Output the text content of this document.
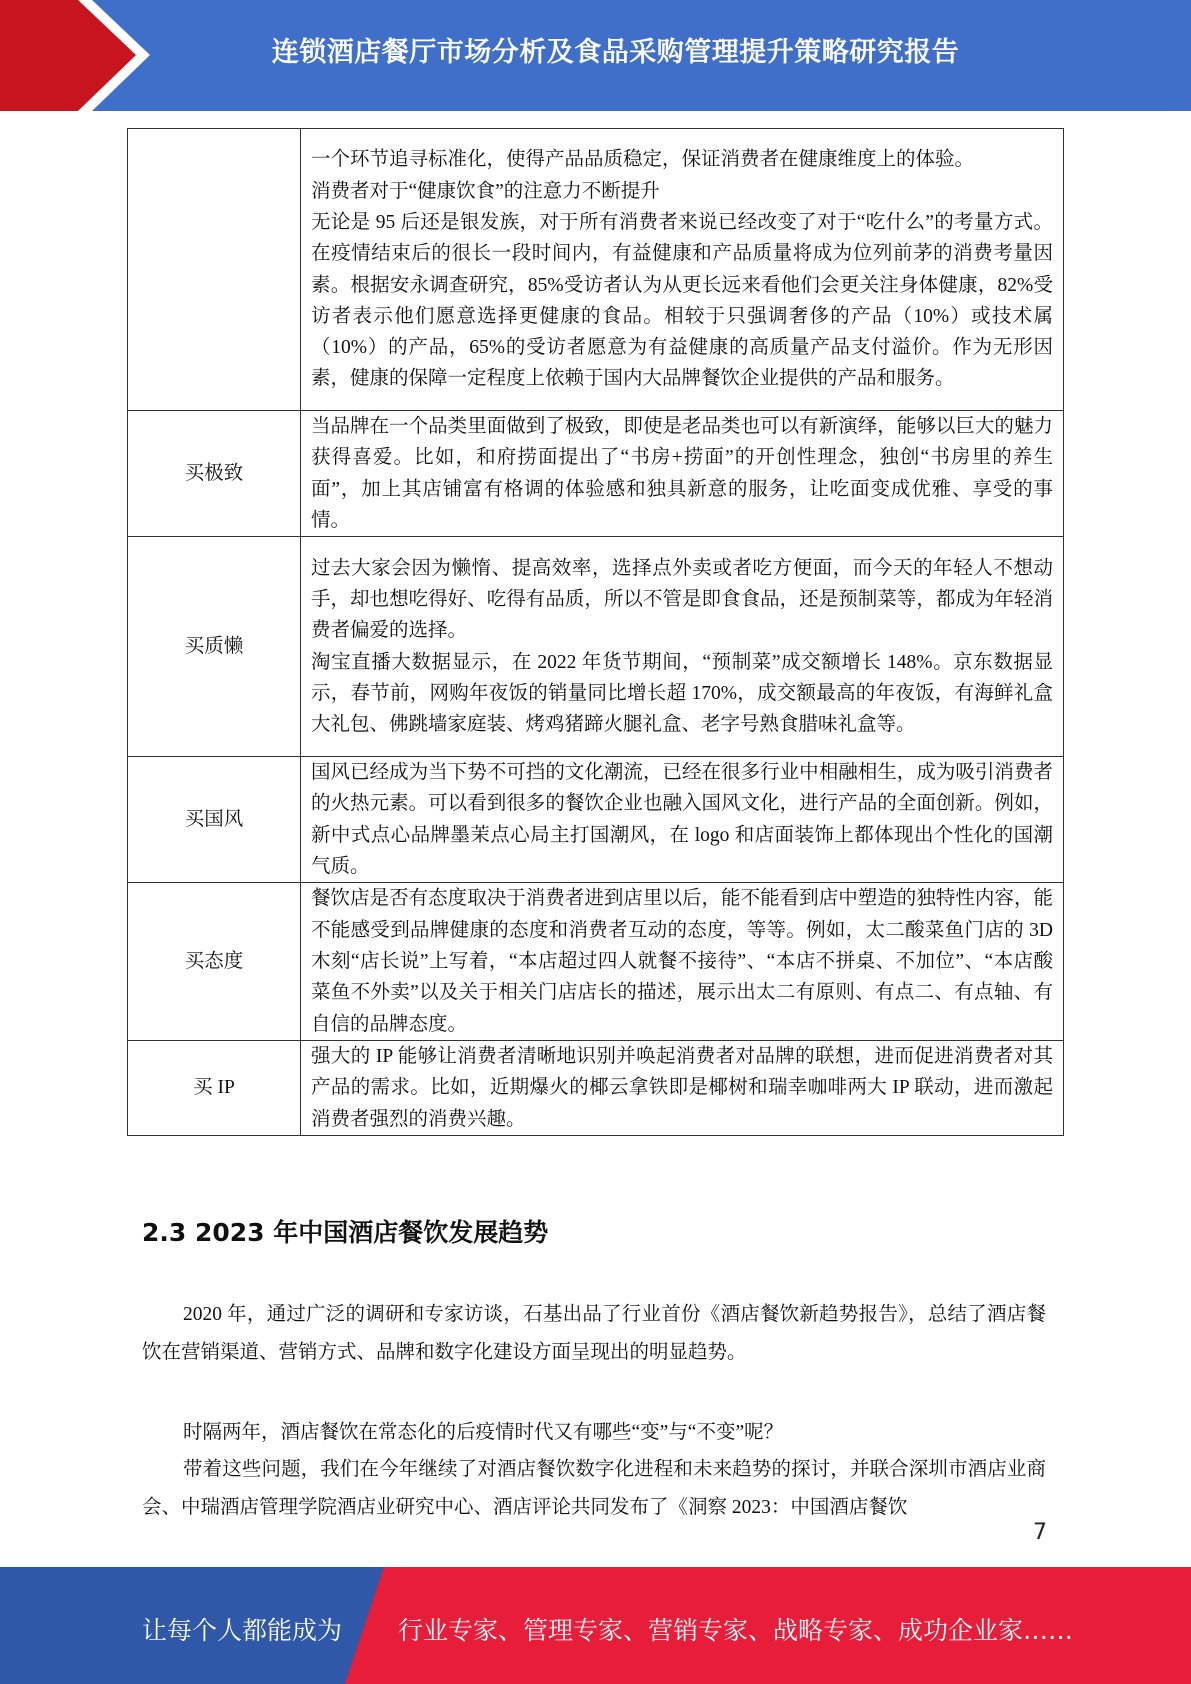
连锁酒店餐厅市场分析及食品采购管理提升策略研究报告

	一个环节追寻标准化，使得产品品质稳定，保证消费者在健康维度上的体验。
消费者对于“健康饮食”的注意力不断提升
无论是 95 后还是银发族，对于所有消费者来说已经改变了对于“吃什么”的考量方式。在疫情结束后的很长一段时间内，有益健康和产品质量将成为位列前茅的消费考量因素。根据安永调查研究，85%受访者认为从更长远来看他们会更关注身体健康，82%受访者表示他们愿意选择更健康的食品。相较于只强调奢侈的产品（10%）或技术属（10%）的产品，65%的受访者愿意为有益健康的高质量产品支付溢价。作为无形因素，健康的保障一定程度上依赖于国内大品牌餐饮企业提供的产品和服务。

买极致	当品牌在一个品类里面做到了极致，即使是老品类也可以有新演绎，能够以巨大的魅力获得喜爱。比如，和府捞面提出了“书房+捞面”的开创性理念，独创“书房里的养生面”，加上其店铺富有格调的体验感和独具新意的服务，让吃面变成优雅、享受的事情。

买质懒	过去大家会因为懒惰、提高效率，选择点外卖或者吃方便面，而今天的年轻人不想动手，却也想吃得好、吃得有品质，所以不管是即食食品，还是预制菜等，都成为年轻消费者偏爱的选择。
淘宝直播大数据显示，在 2022 年货节期间，“预制菜”成交额增长 148%。京东数据显示，春节前，网购年夜饭的销量同比增长超 170%，成交额最高的年夜饭，有海鲜礼盒大礼包、佛跳墙家庭装、烤鸡猪蹄火腿礼盒、老字号熟食腊味礼盒等。

买国风	国风已经成为当下势不可挡的文化潮流，已经在很多行业中相融相生，成为吸引消费者的火热元素。可以看到很多的餐饮企业也融入国风文化，进行产品的全面创新。例如，新中式点心品牌墨茉点心局主打国潮风，在 logo 和店面装饰上都体现出个性化的国潮气质。

买态度	餐饮店是否有态度取决于消费者进到店里以后，能不能看到店中塑造的独特性内容，能不能感受到品牌健康的态度和消费者互动的态度，等等。例如，太二酸菜鱼门店的 3D 木刻“店长说”上写着，“本店超过四人就餐不接待”、“本店不拼桌、不加位”、“本店酸菜鱼不外卖”以及关于相关门店店长的描述，展示出太二有原则、有点二、有点轴、有自信的品牌态度。

买 IP	强大的 IP 能够让消费者清晰地识别并唤起消费者对品牌的联想，进而促进消费者对其产品的需求。比如，近期爆火的椰云拿铁即是椰树和瑞幸咖啡两大 IP 联动，进而激起消费者强烈的消费兴趣。
2.3 2023 年中国酒店餐饮发展趋势

2020 年，通过广泛的调研和专家访谈，石基出品了行业首份《酒店餐饮新趋势报告》，总结了酒店餐饮在营销渠道、营销方式、品牌和数字化建设方面呈现出的明显趋势。

时隔两年，酒店餐饮在常态化的后疫情时代又有哪些“变”与“不变”呢？

带着这些问题，我们在今年继续了对酒店餐饮数字化进程和未来趋势的探讨，并联合深圳市酒店业商会、中瑞酒店管理学院酒店业研究中心、酒店评论共同发布了《洞察 2023：中国酒店餐饮

7
让每个人都能成为 行业专家、管理专家、营销专家、战略专家、成功企业家……
